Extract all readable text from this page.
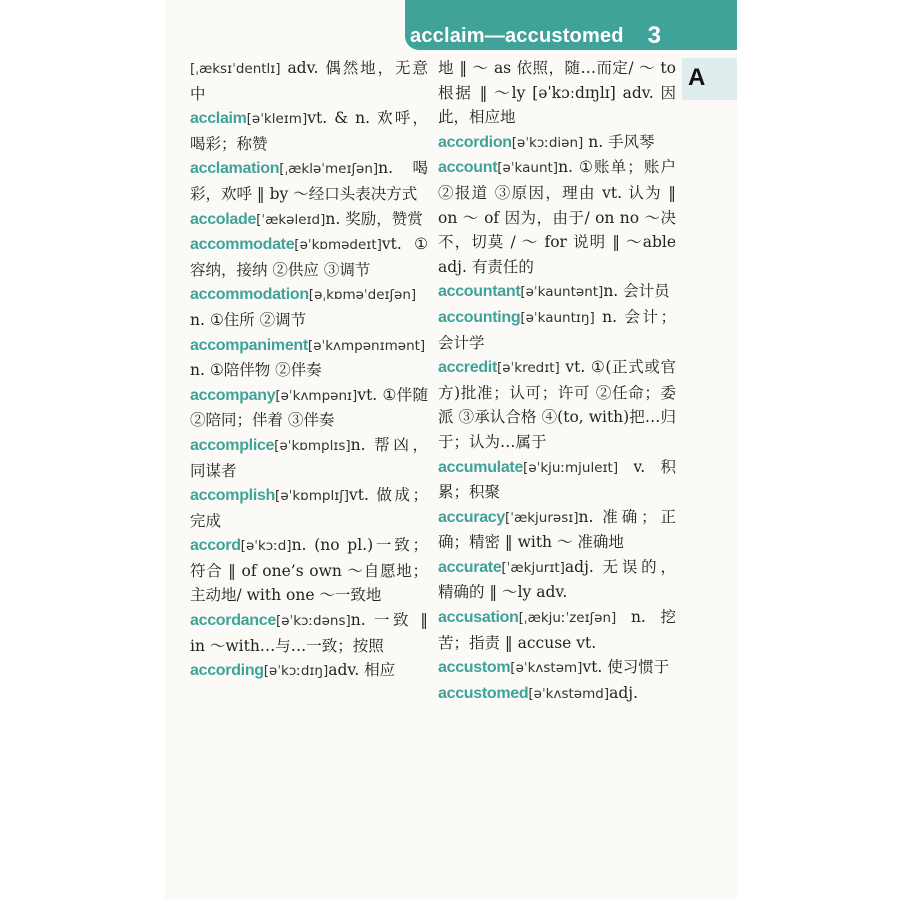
acclaim—accustomed 3
A

[ˌæksɪˈdentlɪ] adv. 偶然地，无意中

acclaim[əˈkleɪm]vt. & n. 欢呼，喝彩；称赞

acclamation[ˌækləˈmeɪʃən]n. 喝彩，欢呼 ‖ by ～经口头表决方式

accolade[ˈækəleɪd]n. 奖励，赞赏

accommodate[əˈkɒmədeɪt]vt. ①容纳，接纳 ②供应 ③调节

accommodation[əˌkɒməˈdeɪʃən] n. ①住所 ②调节

accompaniment[əˈkʌmpənɪmənt] n. ①陪伴物 ②伴奏

accompany[əˈkʌmpənɪ]vt. ①伴随 ②陪同；伴着 ③伴奏

accomplice[əˈkɒmplɪs]n. 帮凶，同谋者

accomplish[əˈkɒmplɪʃ]vt. 做成；完成

accord[əˈkɔːd]n. (no pl.)一致；符合 ‖ of one’s own ～自愿地；主动地/ with one ～一致地

accordance[əˈkɔːdəns]n. 一致 ‖ in ～with…与…一致；按照

according[əˈkɔːdɪŋ]adv. 相应

地 ‖ ～ as 依照，随…而定/ ～ to 根据 ‖ ～ly [əˈkɔːdɪŋlɪ] adv. 因此，相应地

accordion[əˈkɔːdiən] n. 手风琴

account[əˈkaunt]n. ①账单；账户 ②报道 ③原因，理由 vt. 认为 ‖ on ～ of 因为，由于/ on no ～决不，切莫 / ～ for 说明 ‖ ～able adj. 有责任的

accountant[əˈkauntənt]n. 会计员

accounting[əˈkauntɪŋ] n. 会计；会计学

accredit[əˈkredɪt] vt. ①(正式或官方)批准；认可；许可 ②任命；委派 ③承认合格 ④(to, with)把…归于；认为…属于

accumulate[əˈkjuːmjuleɪt] v. 积累；积聚

accuracy[ˈækjurəsɪ]n. 准确；正确；精密 ‖ with ～ 准确地

accurate[ˈækjurɪt]adj. 无误的，精确的 ‖ ～ly adv.

accusation[ˌækjuːˈzeɪʃən] n. 挖苦；指责 ‖ accuse vt.

accustom[əˈkʌstəm]vt. 使习惯于

accustomed[əˈkʌstəmd]adj.
